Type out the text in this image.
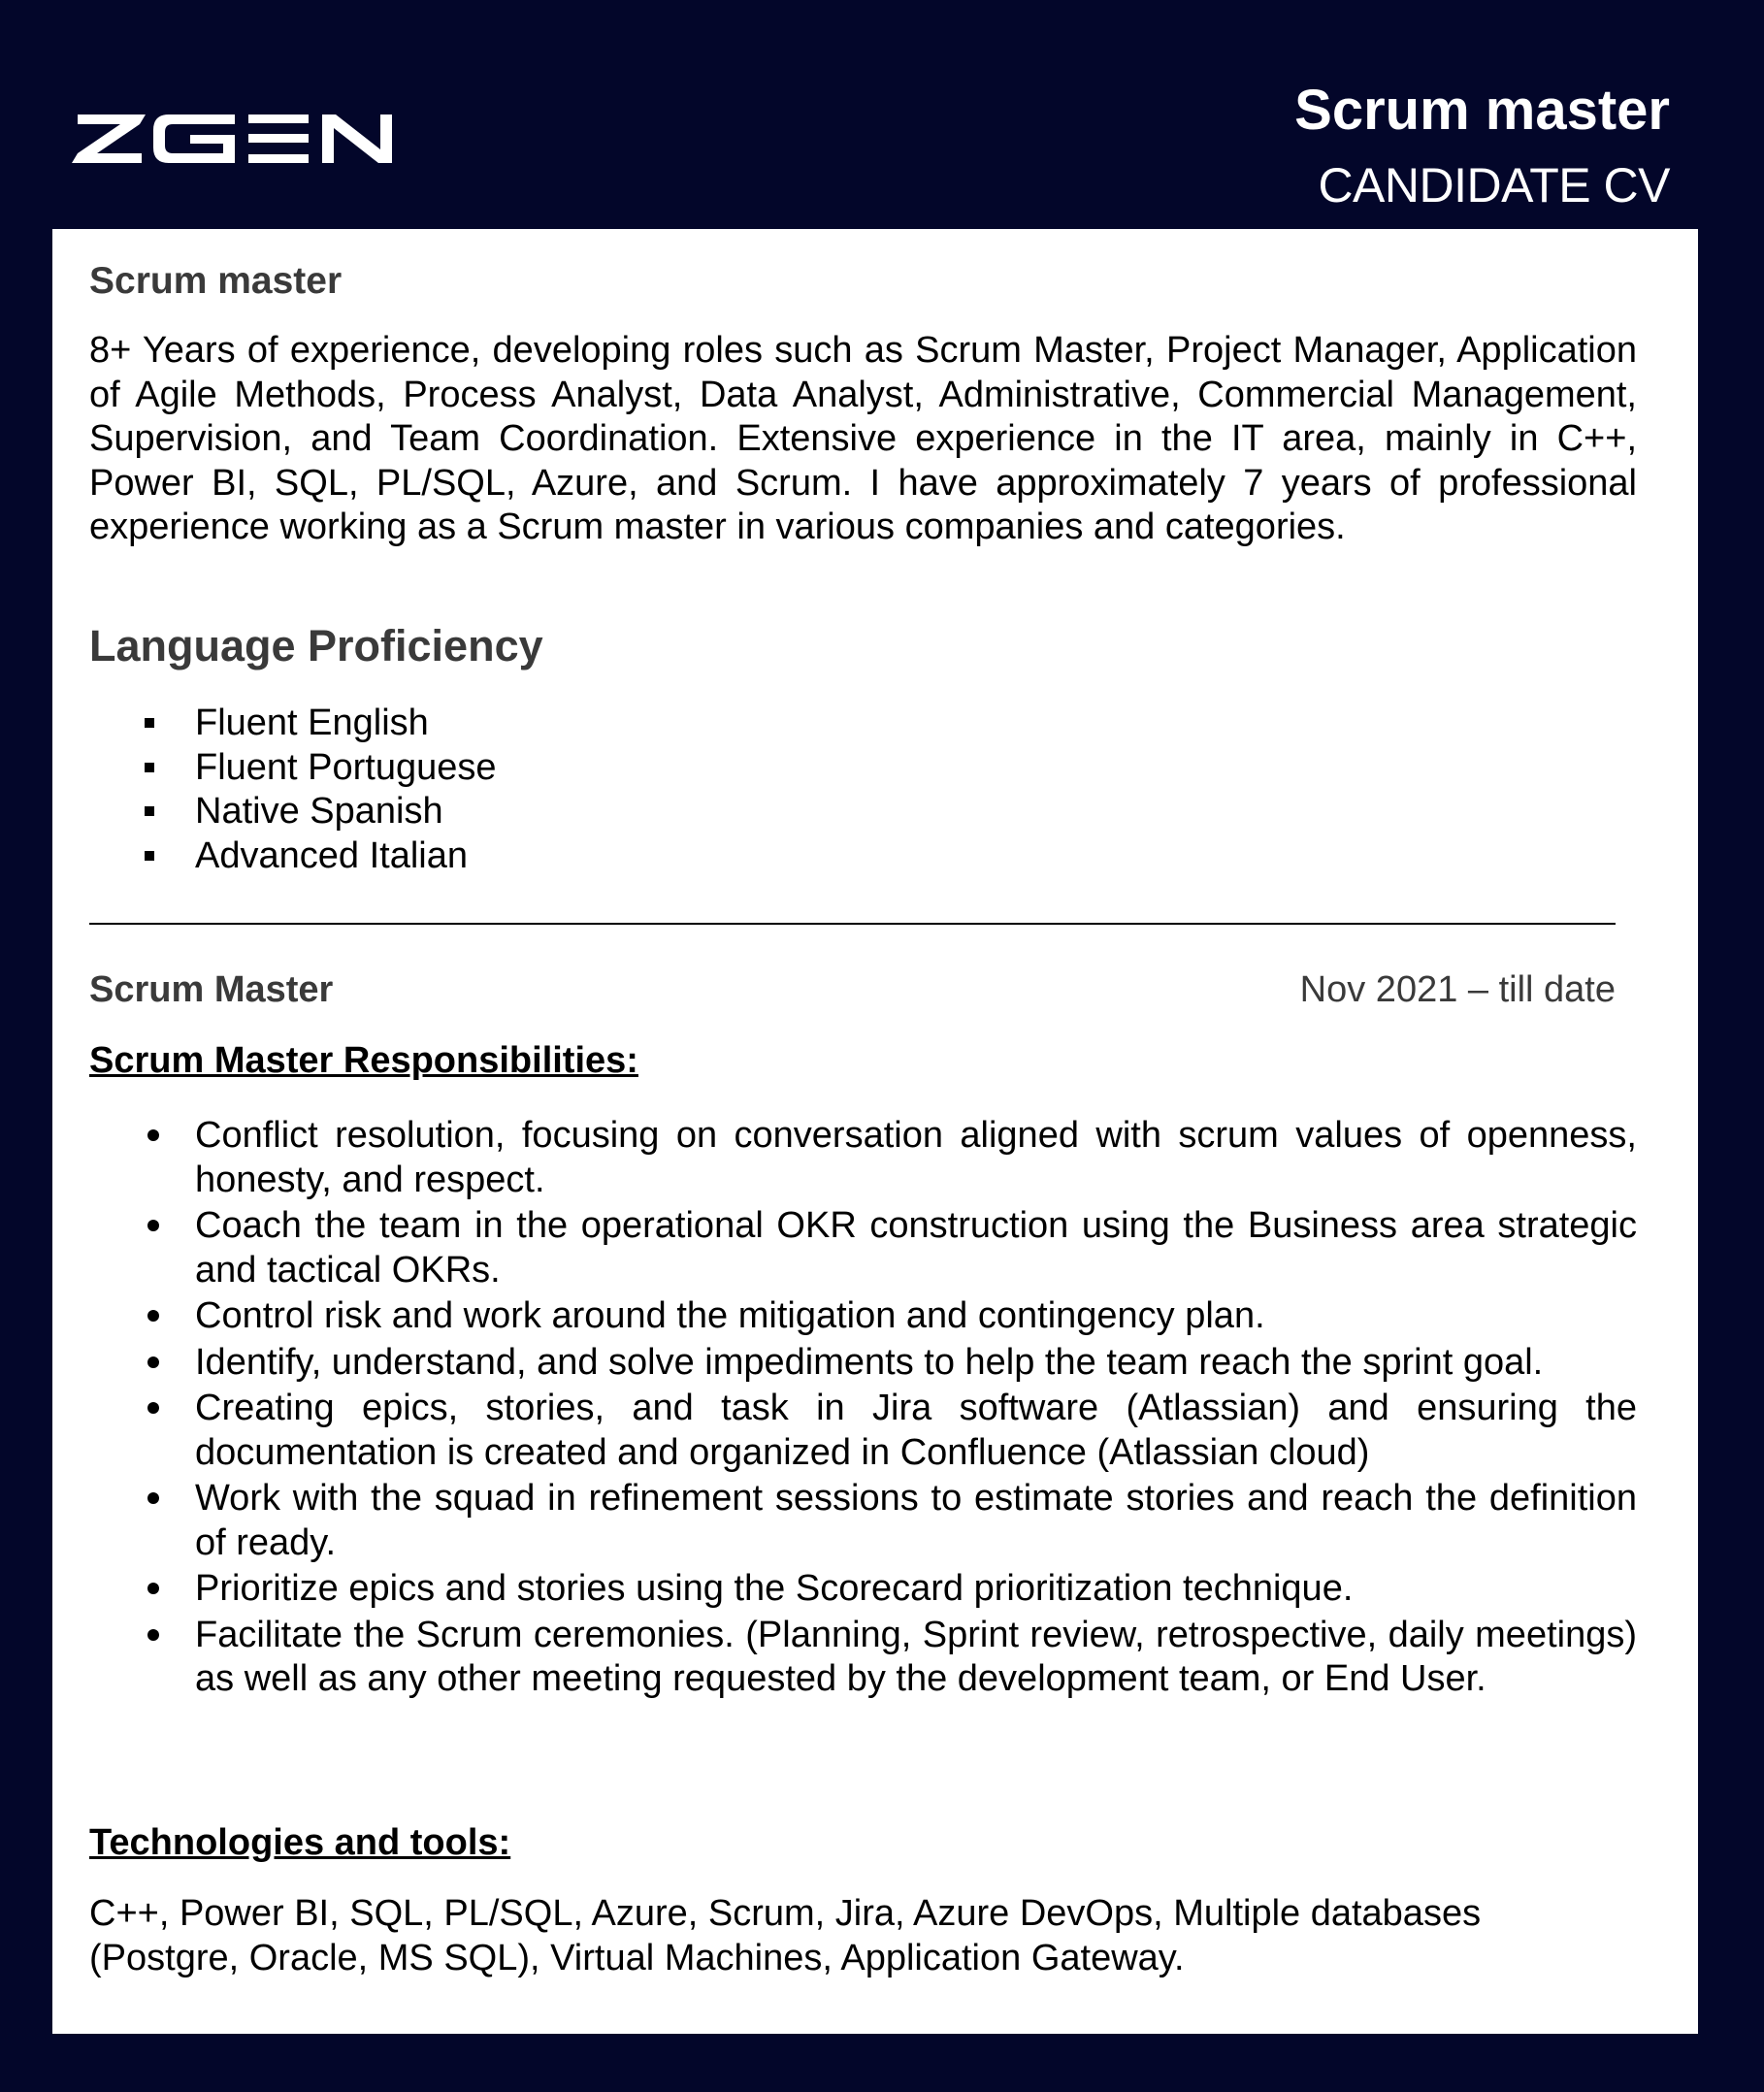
Scrum master
CANDIDATE CV
Scrum master

8+ Years of experience, developing roles such as Scrum Master, Project Manager, Application of Agile Methods, Process Analyst, Data Analyst, Administrative, Commercial Management, Supervision, and Team Coordination. Extensive experience in the IT area, mainly in C++, Power BI, SQL, PL/SQL, Azure, and Scrum. I have approximately 7 years of professional experience working as a Scrum master in various companies and categories.

Language Proficiency
Fluent English
Fluent Portuguese
Native Spanish
Advanced Italian
Scrum Master	Nov 2021 – till date
Scrum Master Responsibilities:
Conflict resolution, focusing on conversation aligned with scrum values of openness, honesty, and respect.
Coach the team in the operational OKR construction using the Business area strategic and tactical OKRs.
Control risk and work around the mitigation and contingency plan.
Identify, understand, and solve impediments to help the team reach the sprint goal.
Creating epics, stories, and task in Jira software (Atlassian) and ensuring the documentation is created and organized in Confluence (Atlassian cloud)
Work with the squad in refinement sessions to estimate stories and reach the definition of ready.
Prioritize epics and stories using the Scorecard prioritization technique.
Facilitate the Scrum ceremonies. (Planning, Sprint review, retrospective, daily meetings) as well as any other meeting requested by the development team, or End User.
Technologies and tools:

C++, Power BI, SQL, PL/SQL, Azure, Scrum, Jira, Azure DevOps, Multiple databases (Postgre, Oracle, MS SQL), Virtual Machines, Application Gateway.
